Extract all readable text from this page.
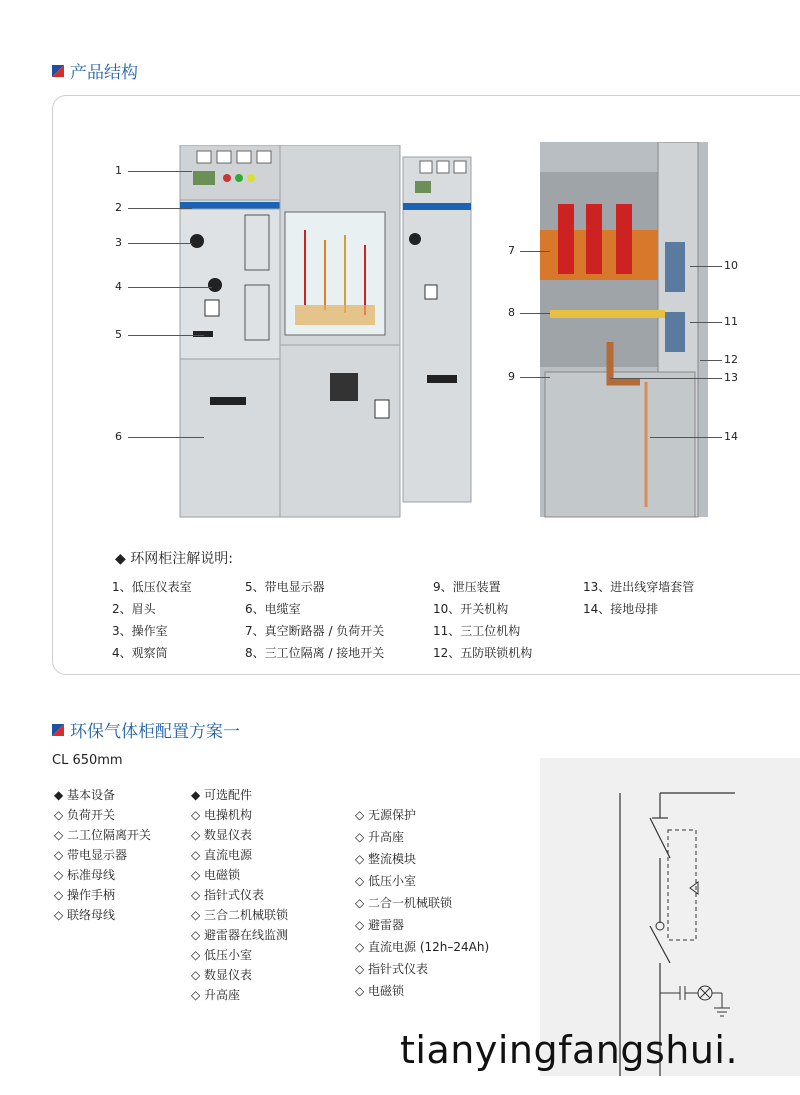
产品结构
1
2
3
4
5
6
7
8
9
10
11
12
13
14
◆ 环网柜注解说明:
1、低压仪表室
2、眉头
3、操作室
4、观察筒
5、带电显示器
6、电缆室
7、真空断路器 / 负荷开关
8、三工位隔离 / 接地开关
9、泄压装置
10、开关机构
11、三工位机构
12、五防联锁机构
13、进出线穿墙套管
14、接地母排
环保气体柜配置方案一
CL 650mm
◆ 基本设备
◇ 负荷开关
◇ 二工位隔离开关
◇ 带电显示器
◇ 标准母线
◇ 操作手柄
◇ 联络母线
◆ 可选配件
◇ 电操机构
◇ 数显仪表
◇ 直流电源
◇ 电磁锁
◇ 指针式仪表
◇ 三合二机械联锁
◇ 避雷器在线监测
◇ 低压小室
◇ 数显仪表
◇ 升高座
◇ 无源保护
◇ 升高座
◇ 整流模块
◇ 低压小室
◇ 二合一机械联锁
◇ 避雷器
◇ 直流电源 (12h–24Ah)
◇ 指针式仪表
◇ 电磁锁
tianyingfangshui.
